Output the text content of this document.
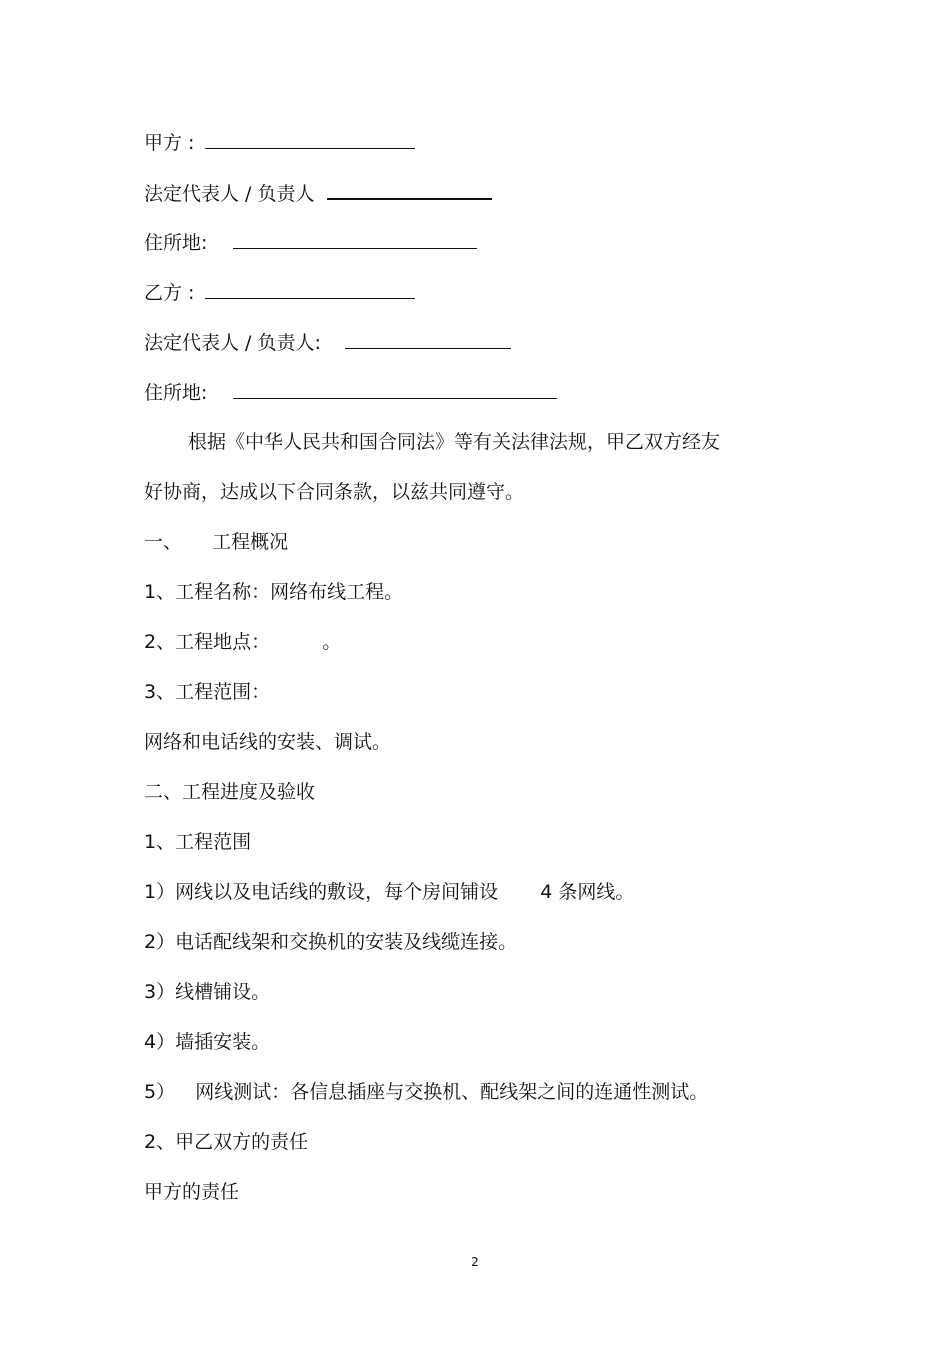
甲方 :
法定代表人 / 负责人
住所地:
乙方 :
法定代表人 / 负责人:
住所地:
根据《中华人民共和国合同法》等有关法律法规，甲乙双方经友
好协商，达成以下合同条款，以兹共同遵守。
一、 工程概况
1、工程名称：网络布线工程。
2、工程地点：	。
3、工程范围：
网络和电话线的安装、调试。
二、工程进度及验收
1、工程范围
1）网线以及电话线的敷设，每个房间铺设 4 条网线。
2）电话配线架和交换机的安装及线缆连接。
3）线槽铺设。
4）墙插安装。
5） 网线测试：各信息插座与交换机、配线架之间的连通性测试。
2、甲乙双方的责任
甲方的责任
2
